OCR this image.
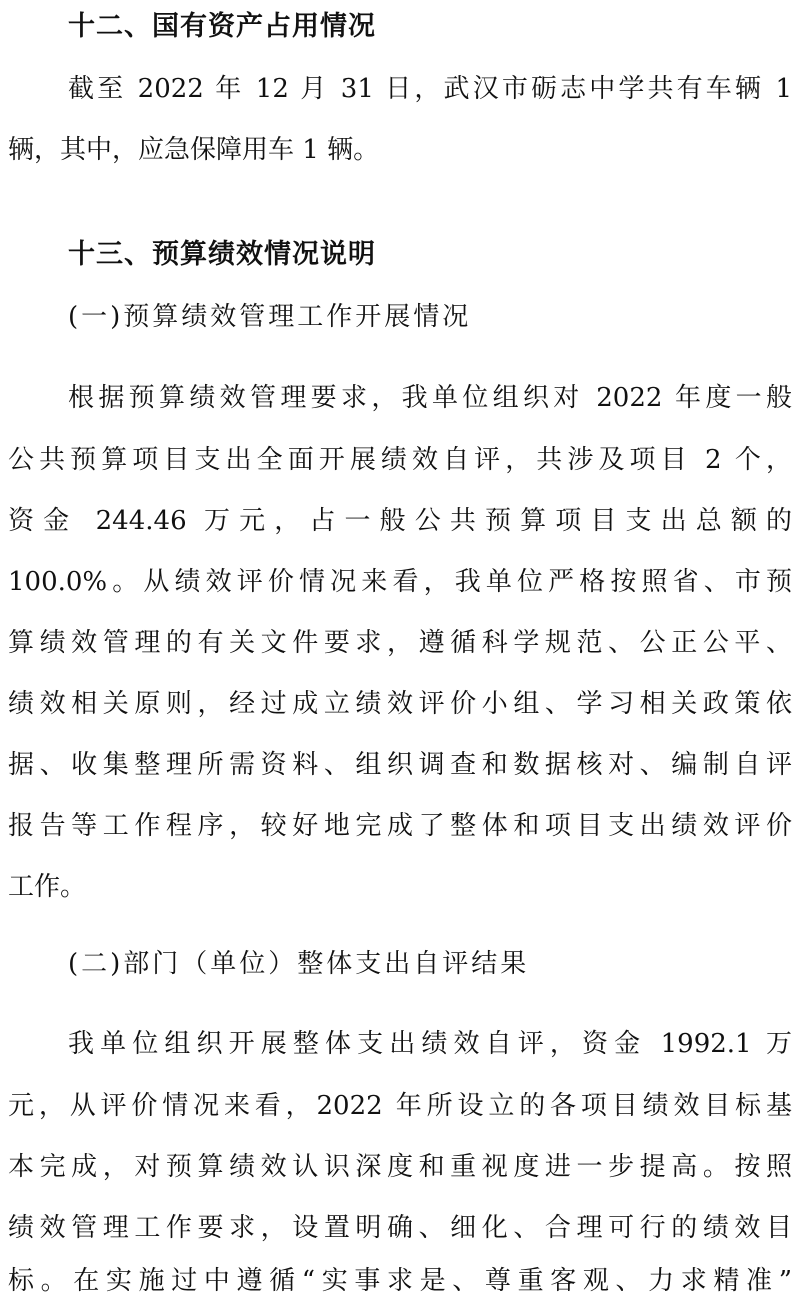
十二、国有资产占用情况
截至 2022 年 12 月 31 日，武汉市砺志中学共有车辆 1
辆，其中，应急保障用车 1 辆。
十三、预算绩效情况说明
(一)预算绩效管理工作开展情况
根据预算绩效管理要求，我单位组织对 2022 年度一般
公共预算项目支出全面开展绩效自评，共涉及项目 2 个，
资金 244.46 万元，占一般公共预算项目支出总额的
100.0%。从绩效评价情况来看，我单位严格按照省、市预
算绩效管理的有关文件要求，遵循科学规范、公正公平、
绩效相关原则，经过成立绩效评价小组、学习相关政策依
据、收集整理所需资料、组织调查和数据核对、编制自评
报告等工作程序，较好地完成了整体和项目支出绩效评价
工作。
(二)部门（单位）整体支出自评结果
我单位组织开展整体支出绩效自评，资金 1992.1 万
元，从评价情况来看，2022 年所设立的各项目绩效目标基
本完成，对预算绩效认识深度和重视度进一步提高。按照
绩效管理工作要求，设置明确、细化、合理可行的绩效目
标。在实施过中遵循“实事求是、尊重客观、力求精准”
